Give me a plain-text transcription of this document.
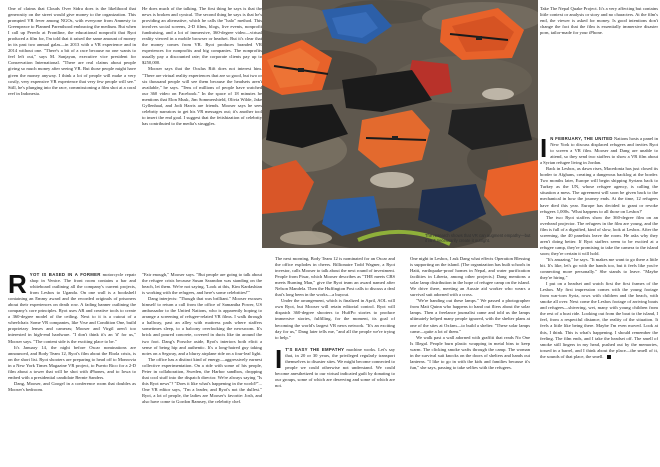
One of claims that Clouds Over Sidra does is the likelihood that generosity on the street would give money to the organization. This prompted VR fever among NGOs, with everyone from Amnesty to Greenpeace to Planned Parenthood embracing the medium. But when I call up Peredo at Frontline, the educational nonprofit that Ryot produced a film for, I'm told that it raised the same amount of money in its past two annual galas—in 2013 with a VR experience and in 2014 without one. "There's a bit of a race because no one wants to feel left out," says M. Sanjayan, executive vice president for Conservation International. "There are real claims about people giving so much money after seeing VR. But those people might have given the money anyway. I think a lot of people will make a very costly, very expensive VR experience that very few people will see." Still, he's plunging into the race, commissioning a film shot at a coral reef in Indonesia.

He does much of the talking. The first thing he says is that the news is broken and cynical. The second thing he says is that he's providing an alternative, which he calls the "halo" method. This involves social screens, 2-D films, blogs, live events, nonprofit fundraising, and a lot of immersive, 360-degree video—virtual reality viewed in a mobile browser or headset. But it's clear that the money comes from VR. Ryot produces branded VR experiences for nonprofits and big companies. The nonprofits usually pay a discounted rate; the corporate clients pay up to $250,000.

Mooser says that the Oculus Rift does not interest him. "There are virtual reality experiences that are so good, but two or six thousand people will see them because the headsets aren't available," he says. "Tens of millions of people have watched our 360 video on Facebook." In the space of 18 minutes he mentions that Elon Musk, Jim Sommershield, Olivia Wilde, Jake Gyllenhaal, and Jodi Harris are friends. Mooser says he sees celebrity narrators to get his VR messages out; it's another tool to insert the end goal. I suggest that the fetishization of celebrity has contributed to the media's struggles.

The research shows that VR can augment empathy—but it isn't necessarily create it outright.

Take The Nepal Quake Project. It's a very affecting but contains little context or analysis or story and no characters. At the film's end, the viewer is asked for money. Is good intentions don't change the fact that the film is essentially immersive disaster porn, tailor-made for your iPhone.

R YOT IS BASED IN A FORMER motorcycle repair shop in Venice. The front room contains a bar and whiteboard outlining all the company's current projects, from Lesbos to Uganda. On one wall is a bookshelf containing an Emmy award and the recorded originals of prisoners about their experiences on death row. A fading banner outlining the company's core principles. Ryot uses AR and creative tools to create a 360-degree model of the ceiling. Next to it is a cutout of a wheelchair. Some VR companies, like Vrse and Condition One, build proprietary lenses and cameras; Mooser and Virgil aren't too interested in high-end hardware. "I don't think it's an 'if' for us," Mooser says. "The content side is the exciting place to be."

It's January 14, the night before Oscar nominations are announced, and Body Team 12, Ryot's film about the Ebola crisis, is on the short list. Ryot shooters are preparing to head off to Monrovia in a New York Times Magazine VR project, to Puerto Rico for a 2-D film about a tower that will be shot with iPhones, and to Iowa to embed with a presidential candidate Bernie Sanders.

Dang, Mooser, and Googel in a conference room that doubles as Mooser's bedroom.

"Fair enough," Mooser says. "But people are going to talk about the refugee crisis because Susan Sarandon was standing on the beach, let them. We're not saying, 'Look at this, Kim Kardashian is working with the refugees, and here's some celebrities!'"

Dang interjects: "Though that was brilliant." Mooser excuses himself to return a call from the office of Samantha Power, US ambassador to the United Nations, who is apparently hoping to arrange a screening of refugee-related VR films. I walk through a hallway, past an alley with mattress pads where staffers sometimes sleep, to a balcony overlooking the newsroom. It's brick and poured concrete, covered in ducts like tin around the two foot. Dang's Porsche aside, Ryot's interiors both elicit a sense of being hip and authentic. It's a long-haired guy taking notes on a Segway, and a blurry airplane ride on a four-leaf light.

The office has a distinct kind of energy—aggressively earnest collective experimentation. On a ride with some of his people, Peter in collaboration, Sweden, the Harbor sandbox, dropping that cool stuff into the dispatch director. We're always saying "Is this Ryot news"? "Does it like what's happening in the world?"... One VR editor says, "I'm a leader, and Ryot's not the dullest." Ryot, a lot of people, the ladies are Mooser's favorite: Josh, and also have come to Gordon Ramsey, the celebrity chef.

The next morning, Body Team 12 is nominated for an Oscar and the office explodes in cheers. Billionaire Todd Wagner, a Ryot investor, calls Mooser to talk about the next round of investment. People from Pixar, which Mooser describes as "THE meets CBS meets Burning Man," give the Ryot team an award named after Nelson Mandela. Then the Huffington Post calls to discuss a deal that's long been in the works—a buyout.

Under the arrangement, which is finalized in April, AOL will own Ryot, but Mooser will retain editorial control. Ryot will dispatch 360-degree shooters to HuffPo stories to produce immersive stories, fulfilling, for the moment, its goal of becoming the world's largest VR news network. "It's an exciting day for us," Dang later tells me, "and all the people we're trying to help."

I T'S EASY THE EMPATHY machine works. Let's say that, in 20 or 30 years, the privileged regularly transport themselves to disaster sites. We might become connected to people we could otherwise not understand. We could become anesthetized to our virtual indicated guilt by donating to our groups, some of which are deserving and some of which are not.

One night in Lesbos, I ask Dang what effects Operation Blessing is supporting on the island. (The organization has built schools in Haiti, earthquake-proof homes in Nepal, and water purification facilities in Liberia, among other projects.) Dang mentions a solar lamp distribution in the hope of refugee camp on the island. We drive there, meeting an Aussie aid worker who wears a survival suit adorned with a cross.

"We're handing out these lamps." We passed a photographer from Matt Quinn who happens to hand out fliers about the solar lamps. Then a freelance journalist came and told us the lamps ultimately helped many people ignored, with the shelter plans at one of the sites at Oxfam—to build a shelter. "These solar lamps came—quite a lot of them."

We walk past a wall adorned with graffiti that reads No One Is Illegal. People burn plastic wrapping in metal bins to keep warm. The clicking smoke wafts through the camp. The woman in the survival suit knocks on the doors of shelters and hands out lanterns. "I like to go in with the kids and families because it's fun," she says, passing to take selfies with the refugees.

I N FEBRUARY, THE UNITED Nations hosts a panel in New York to discuss displaced refugees and invites Ryot to screen a VR film. Mooser and Dang are unable to attend, so they send two staffers to show a VR film about a Syrian refugee living in Jordan.

Back in Lesbos, as dawn rises, Macedonia has just closed its border to Afghans, creating a dangerous backlog at the border. Two months later, Europe will begin shipping Syrians back to Turkey as the UN, whose refugee agency, is calling the situation a mess. The agreement will soon be given back to the mechanical in how the journey ends. At the time, 12 refugees have died this year. Europe has decided to grant or revoke refugees 1,000s. 'What happens to all those on Lesbos?'

The two Ryot staffers show the 360-degree film on an overhead projector. The refugees in the film are young, and the film is full of a dignified, kind of slow, look at Lesbos. After the screening, the 40 panelists leave the room. He asks why they aren't doing better. If Ryot staffers seem to be excited at a refugee camp, they're promising to take the camera to the island soon; they're certain it will hold.

"It's amazing," he says. "It makes me want to go there a little bit. It's like, let's go with the hands too, but it feels like you're connecting more personally." She stands to leave. "Maybe they're hiring."

I put on a headset and watch first the first frames of the Lesbos. My first impression comes with the young footage from war-torn Syria, rows with children and the beach, with smoke all over. Next come the Lesbos footage of arriving boats and refugees—shivering, wet, many with young children from the rest of a boat ride. Looking out from the boat to the island, I feel, from a respectful distance, the reality of the situation. It feels a little like being there. Maybe I'm even moved. Look at this, I think. This is what's happening. I should remember the feeling. The film ends, and I take the headset off. The smell of smoke still lingers in my head, pushed out by the memories, tossed in a barrel, and I think about the place—the smell of it, the sounds of that place, the smell.
